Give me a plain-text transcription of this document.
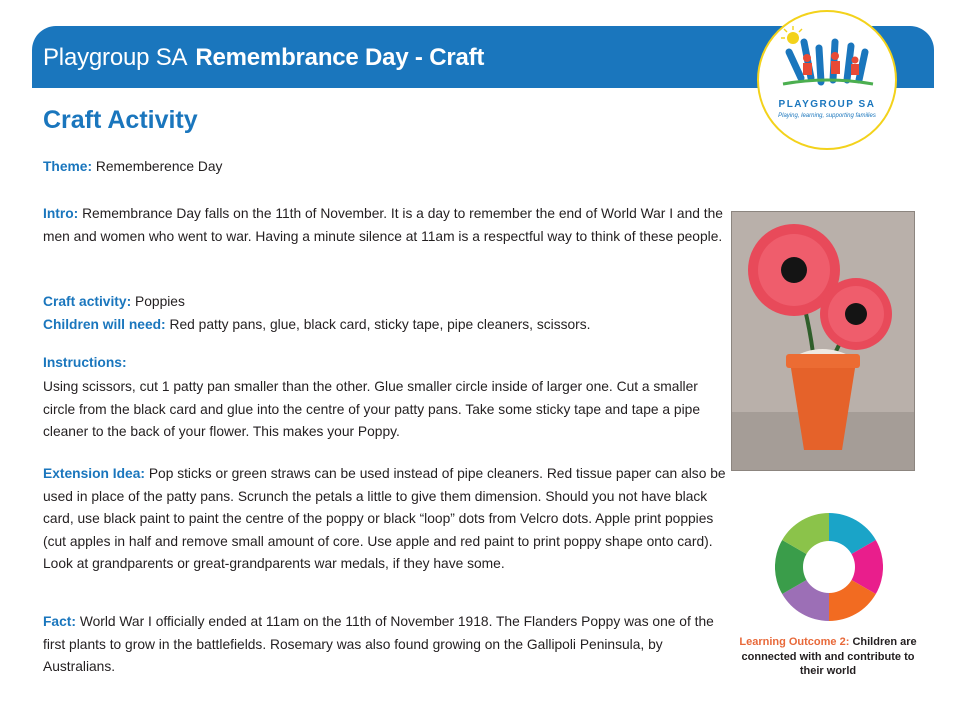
Playgroup SA Remembrance Day - Craft
PLAYGROUP SA
Playing, learning, supporting families
Craft Activity

Theme: Rememberence Day

Intro: Remembrance Day falls on the 11th of November. It is a day to remember the end of World War I and the men and women who went to war. Having a minute silence at 11am is a respectful way to think of these people.

Craft activity: Poppies

Children will need: Red patty pans, glue, black card, sticky tape, pipe cleaners, scissors.

Instructions:

Using scissors, cut 1 patty pan smaller than the other. Glue smaller circle inside of larger one. Cut a smaller circle from the black card and glue into the centre of your patty pans. Take some sticky tape and tape a pipe cleaner to the back of your flower. This makes your Poppy.

Extension Idea: Pop sticks or green straws can be used instead of pipe cleaners. Red tissue paper can also be used in place of the patty pans. Scrunch the petals a little to give them dimension. Should you not have black card, use black paint to paint the centre of the poppy or black “loop” dots from Velcro dots. Apple print poppies (cut apples in half and remove small amount of core. Use apple and red paint to print poppy shape onto card). Look at grandparents or great-grandparents war medals, if they have some.

Fact: World War I officially ended at 11am on the 11th of November 1918. The Flanders Poppy was one of the first plants to grow in the battlefields. Rosemary was also found growing on the Gallipoli Peninsula, by Australians.

Learning Outcome 2: Children are connected with and contribute to their world
